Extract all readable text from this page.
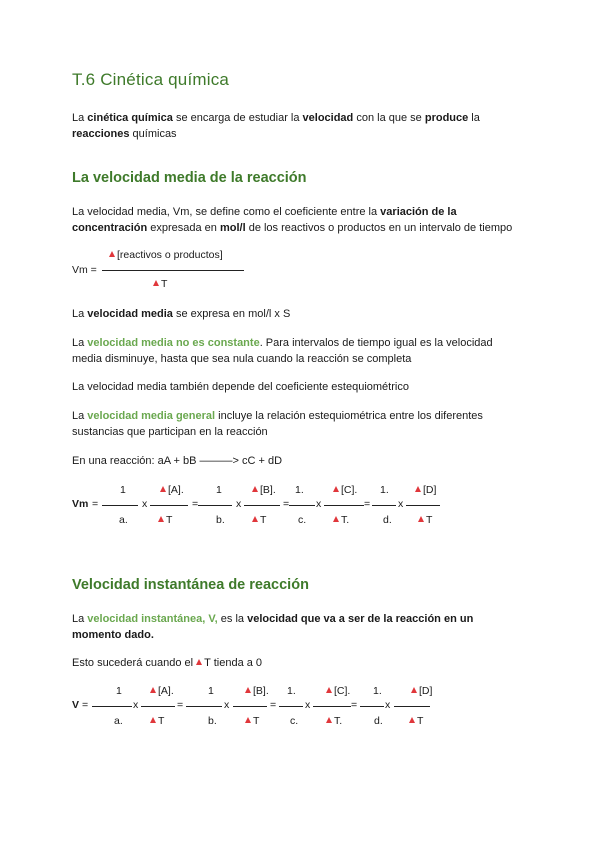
T.6 Cinética química
La cinética química se encarga de estudiar la velocidad con la que se produce la
reacciones químicas
La velocidad media de la reacción
La velocidad media, Vm, se define como el coeficiente entre la variación de la
concentración expresada en mol/l de los reactivos o productos en un intervalo de tiempo
[reactivos o productos]
Vm =
T
La velocidad media se expresa en mol/l x S
La velocidad media no es constante. Para intervalos de tiempo igual es la velocidad
media disminuye, hasta que sea nula cuando la reacción se completa
La velocidad media también depende del coeficiente estequiométrico
La velocidad media general incluye la relación estequiométrica entre los diferentes
sustancias que participan en la reacción
En una reacción: aA + bB ———> cC + dD
Vm =
1
a.
x
[A].
T
=
1
b.
x
[B].
T
=
1.
c.
x
[C].
T.
=
1.
d.
x
[D]
T
Velocidad instantánea de reacción
La velocidad instantánea, V, es la velocidad que va a ser de la reacción en un
momento dado.
Esto sucederá cuando el T tienda a 0
V =
1
a.
x
[A].
T
=
1
b.
x
[B].
T
=
1.
c.
x
[C].
T.
=
1.
d.
x
[D]
T
